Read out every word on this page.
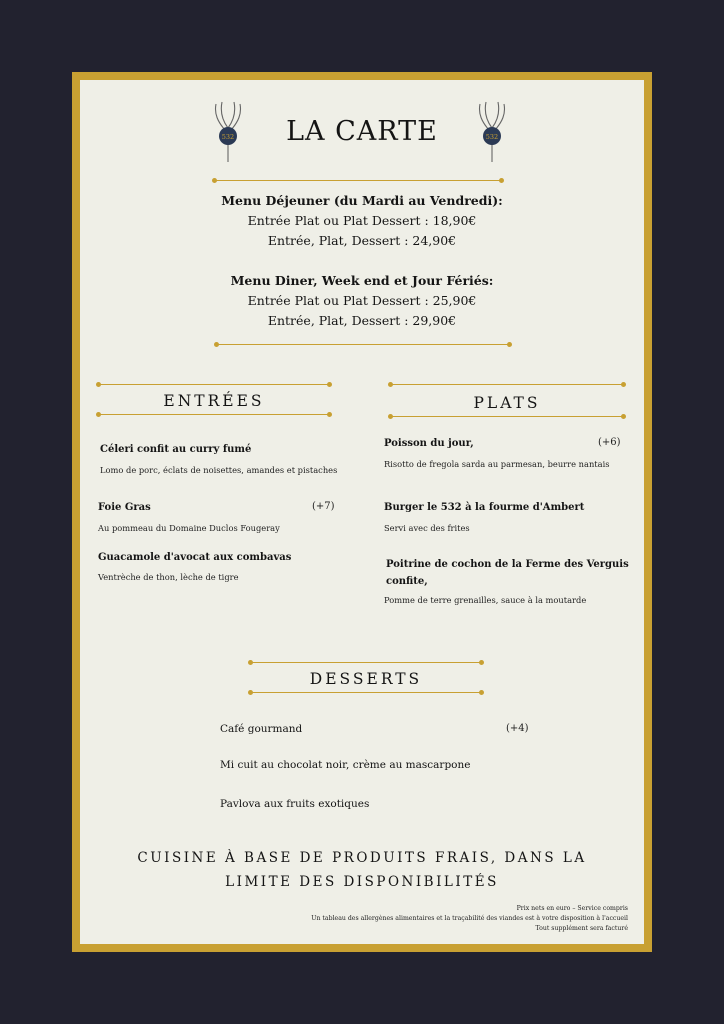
532	532
LA CARTE
Menu Déjeuner (du Mardi au Vendredi):
Entrée Plat ou Plat Dessert : 18,90€
Entrée, Plat, Dessert : 24,90€
Menu Diner, Week end et Jour Fériés:
Entrée Plat ou Plat Dessert : 25,90€
Entrée, Plat, Dessert : 29,90€
ENTRÉES	PLATS
Céleri confit au curry fumé
Lomo de porc, éclats de noisettes, amandes et pistaches
Foie Gras	(+7)
Au pommeau du Domaine Duclos Fougeray
Guacamole d'avocat aux combavas
Ventrèche de thon, lèche de tigre
Poisson du jour,	(+6)
Risotto de fregola sarda au parmesan, beurre nantais
Burger le 532 à la fourme d'Ambert
Servi avec des frites
Poitrine de cochon de la Ferme des Verguis
confite,
Pomme de terre grenailles, sauce à la moutarde
DESSERTS
Café gourmand	(+4)
Mi cuit au chocolat noir, crème au mascarpone
Pavlova aux fruits exotiques
CUISINE À BASE DE PRODUITS FRAIS, DANS LA
LIMITE DES DISPONIBILITÉS
Prix nets en euro – Service compris
Un tableau des allergènes alimentaires et la traçabilité des viandes est à votre disposition à l'accueil
Tout supplément sera facturé
